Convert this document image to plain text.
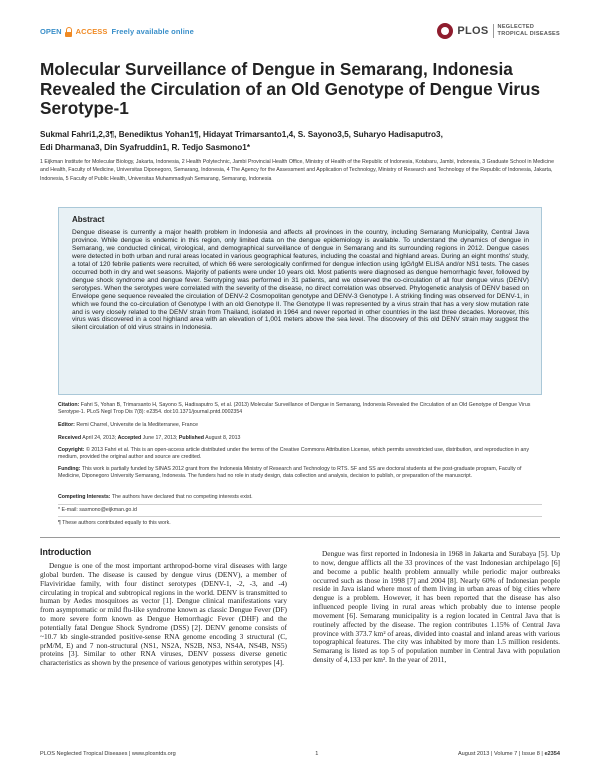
OPEN ACCESS Freely available online	PLOS NEGLECTED
TROPICAL DISEASES
Molecular Surveillance of Dengue in Semarang, Indonesia Revealed the Circulation of an Old Genotype of Dengue Virus Serotype-1
Sukmal Fahri1,2,3¶, Benediktus Yohan1¶, Hidayat Trimarsanto1,4, S. Sayono3,5, Suharyo Hadisaputro3,
Edi Dharmana3, Din Syafruddin1, R. Tedjo Sasmono1*
1 Eijkman Institute for Molecular Biology, Jakarta, Indonesia, 2 Health Polytechnic, Jambi Provincial Health Office, Ministry of Health of the Republic of Indonesia, Kotabaru, Jambi, Indonesia, 3 Graduate School in Medicine and Health, Faculty of Medicine, Universitas Diponegoro, Semarang, Indonesia, 4 The Agency for the Assessment and Application of Technology, Ministry of Research and Technology of the Republic of Indonesia, Jakarta, Indonesia, 5 Faculty of Public Health, Universitas Muhammadiyah Semarang, Semarang, Indonesia
Abstract

Dengue disease is currently a major health problem in Indonesia and affects all provinces in the country, including Semarang Municipality, Central Java province. While dengue is endemic in this region, only limited data on the dengue epidemiology is available. To understand the dynamics of dengue in Semarang, we conducted clinical, virological, and demographical surveillance of dengue in Semarang and its surrounding regions in 2012. Dengue cases were detected in both urban and rural areas located in various geographical features, including the coastal and highland areas. During an eight months' study, a total of 120 febrile patients were recruited, of which 66 were serologically confirmed for dengue infection using IgG/IgM ELISA and/or NS1 tests. The cases occurred both in dry and wet seasons. Majority of patients were under 10 years old. Most patients were diagnosed as dengue hemorrhagic fever, followed by dengue shock syndrome and dengue fever. Serotyping was performed in 31 patients, and we observed the co-circulation of all four dengue virus (DENV) serotypes. When the serotypes were correlated with the severity of the disease, no direct correlation was observed. Phylogenetic analysis of DENV based on Envelope gene sequence revealed the circulation of DENV-2 Cosmopolitan genotype and DENV-3 Genotype I. A striking finding was observed for DENV-1, in which we found the co-circulation of Genotype I with an old Genotype II. The Genotype II was represented by a virus strain that has a very slow mutation rate and is very closely related to the DENV strain from Thailand, isolated in 1964 and never reported in other countries in the last three decades. Moreover, this virus was discovered in a cool highland area with an elevation of 1,001 meters above the sea level. The discovery of this old DENV strain may suggest the silent circulation of old virus strains in Indonesia.

Citation: Fahri S, Yohan B, Trimarsanto H, Sayono S, Hadisaputro S, et al. (2013) Molecular Surveillance of Dengue in Semarang, Indonesia Revealed the Circulation of an Old Genotype of Dengue Virus Serotype-1. PLoS Negl Trop Dis 7(8): e2354. doi:10.1371/journal.pntd.0002354
Editor: Remi Charrel, Universite de la Mediterranee, France
Received April 24, 2013; Accepted June 17, 2013; Published August 8, 2013
Copyright: © 2013 Fahri et al. This is an open-access article distributed under the terms of the Creative Commons Attribution License, which permits unrestricted use, distribution, and reproduction in any medium, provided the original author and source are credited.
Funding: This work is partially funded by SINAS 2012 grant from the Indonesia Ministry of Research and Technology to RTS. SF and SS are doctoral students at the post-graduate program, Faculty of Medicine, Diponegoro University Semarang, Indonesia. The funders had no role in study design, data collection and analysis, decision to publish, or preparation of the manuscript.
Competing Interests: The authors have declared that no competing interests exist.
* E-mail: sasmono@eijkman.go.id
¶ These authors contributed equally to this work.
Introduction

Dengue is one of the most important arthropod-borne viral diseases with large global burden. The disease is caused by dengue virus (DENV), a member of Flaviviridae family, with four distinct serotypes (DENV-1, -2, -3, and -4) circulating in tropical and subtropical regions in the world. DENV is transmitted to human by Aedes mosquitoes as vector [1]. Dengue clinical manifestations vary from asymptomatic or mild flu-like syndrome known as classic Dengue Fever (DF) to more severe form known as Dengue Hemorrhagic Fever (DHF) and the potentially fatal Dengue Shock Syndrome (DSS) [2]. DENV genome consists of ~10.7 kb single-stranded positive-sense RNA genome encoding 3 structural (C, prM/M, E) and 7 non-structural (NS1, NS2A, NS2B, NS3, NS4A, NS4B, NS5) proteins [3]. Similar to other RNA viruses, DENV possess diverse genetic characteristics as shown by the presence of various genotypes within serotypes [4].

Dengue was first reported in Indonesia in 1968 in Jakarta and Surabaya [5]. Up to now, dengue afflicts all the 33 provinces of the vast Indonesian archipelago [6] and become a public health problem annually while periodic major outbreaks occurred such as those in 1998 [7] and 2004 [8]. Nearly 60% of Indonesian people reside in Java island where most of them living in urban areas of big cities where dengue is a problem. However, it has been reported that the disease has also influenced people living in rural areas which probably due to intense people movement [6]. Semarang municipality is a region located in Central Java that is routinely affected by the disease. The region contributes 1.15% of Central Java province with 373.7 km² of areas, divided into coastal and inland areas with various topographical features. The city was inhabited by more than 1.5 million residents. Semarang is listed as top 5 of population number in Central Java with population density of 4,133 per km². In the year of 2011,

PLOS Neglected Tropical Diseases | www.plosntds.org	1	August 2013 | Volume 7 | Issue 8 | e2354
